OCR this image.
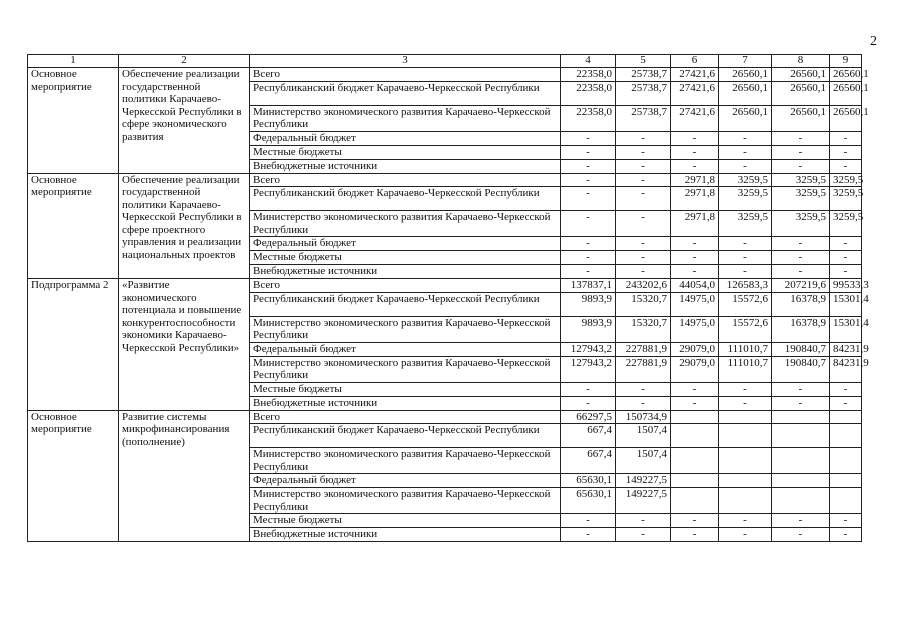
2
1	2	3	4	5	6	7	8	9
Основное мероприятие	Обеспечение реализации государственной политики Карачаево-Черкесской Республики в сфере экономического развития	Всего	22358,0	25738,7	27421,6	26560,1	26560,1	26560,1
		Республиканский бюджет Карачаево-Черкесской Республики	22358,0	25738,7	27421,6	26560,1	26560,1	26560,1
		Министерство экономического развития Карачаево-Черкесской Республики	22358,0	25738,7	27421,6	26560,1	26560,1	26560,1
		Федеральный бюджет	-	-	-	-	-	-
		Местные бюджеты	-	-	-	-	-	-
		Внебюджетные источники	-	-	-	-	-	-
Основное мероприятие	Обеспечение реализации государственной политики Карачаево-Черкесской Республики в сфере проектного управления и реализации национальных проектов	Всего	-	-	2971,8	3259,5	3259,5	3259,5
		Республиканский бюджет Карачаево-Черкесской Республики	-	-	2971,8	3259,5	3259,5	3259,5
		Министерство экономического развития Карачаево-Черкесской Республики	-	-	2971,8	3259,5	3259,5	3259,5
		Федеральный бюджет	-	-	-	-	-	-
		Местные бюджеты	-	-	-	-	-	-
		Внебюджетные источники	-	-	-	-	-	-
Подпрограмма 2	«Развитие экономического потенциала и повышение конкурентоспособности экономики Карачаево- Черкесской Республики»	Всего	137837,1	243202,6	44054,0	126583,3	207219,6	99533,3
		Республиканский бюджет Карачаево-Черкесской Республики	9893,9	15320,7	14975,0	15572,6	16378,9	15301,4
		Министерство экономического развития Карачаево-Черкесской Республики	9893,9	15320,7	14975,0	15572,6	16378,9	15301,4
		Федеральный бюджет	127943,2	227881,9	29079,0	111010,7	190840,7	84231,9
		Министерство экономического развития Карачаево-Черкесской Республики	127943,2	227881,9	29079,0	111010,7	190840,7	84231,9
		Местные бюджеты	-	-	-	-	-	-
		Внебюджетные источники	-	-	-	-	-	-
Основное мероприятие	Развитие системы микрофинансирования (пополнение)	Всего	66297,5	150734,9				
		Республиканский бюджет Карачаево-Черкесской Республики	667,4	1507,4				
		Министерство экономического развития Карачаево-Черкесской Республики	667,4	1507,4				
		Федеральный бюджет	65630,1	149227,5				
		Министерство экономического развития Карачаево-Черкесской Республики	65630,1	149227,5				
		Местные бюджеты	-	-	-	-	-	-
		Внебюджетные источники	-	-	-	-	-	-
